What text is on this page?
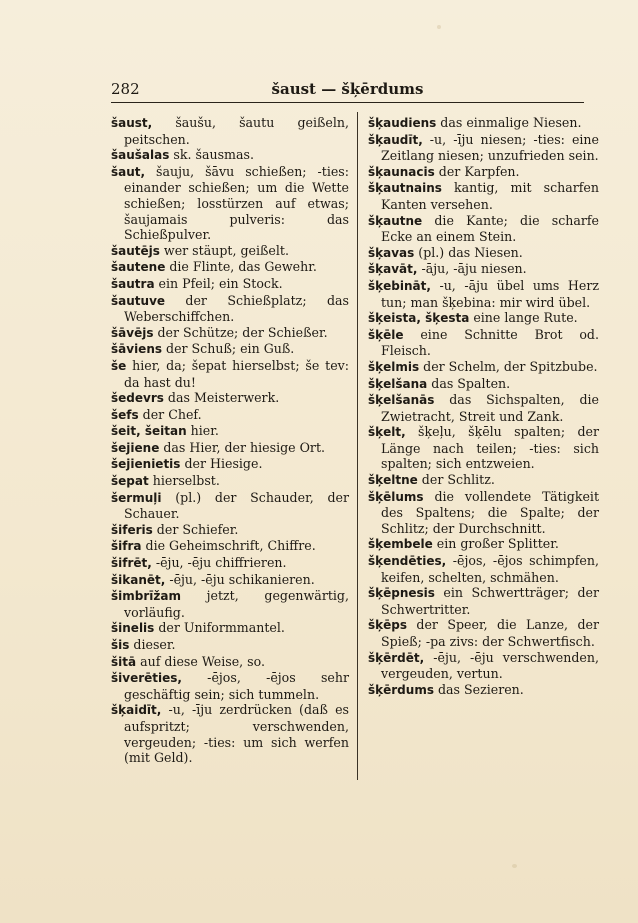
282	šaust — šķērdums

šaust, šaušu, šautu geißeln, peitschen.

šaušalas sk. šausmas.

šaut, šauju, šāvu schießen; -ties: einander schießen; um die Wette schießen; losstürzen auf etwas; šaujamais pulveris: das Schießpulver.

šautējs wer stäupt, geißelt.

šautene die Flinte, das Gewehr.

šautra ein Pfeil; ein Stock.

šautuve der Schießplatz; das Weberschiffchen.

šāvējs der Schütze; der Schießer.

šāviens der Schuß; ein Guß.

še hier, da; šepat hierselbst; še tev: da hast du!

šedevrs das Meisterwerk.

šefs der Chef.

šeit, šeitan hier.

šejiene das Hier, der hiesige Ort.

šejienietis der Hiesige.

šepat hierselbst.

šermuļi (pl.) der Schauder, der Schauer.

šiferis der Schiefer.

šifra die Geheimschrift, Chiffre.

šifrēt, -ēju, -ēju chiffrieren.

šikanēt, -ēju, -ēju schikanieren.

šimbrīžam jetzt, gegenwärtig, vorläufig.

šinelis der Uniformmantel.

šis dieser.

šitā auf diese Weise, so.

šiverēties, -ējos, -ējos sehr geschäftig sein; sich tummeln.

šķaidīt, -u, -īju zerdrücken (daß es aufspritzt; verschwenden, vergeuden; -ties: um sich werfen (mit Geld).

šķaudiens das einmalige Niesen.

šķaudīt, -u, -īju niesen; -ties: eine Zeitlang niesen; unzufrieden sein.

šķaunacis der Karpfen.

šķautnains kantig, mit scharfen Kanten versehen.

šķautne die Kante; die scharfe Ecke an einem Stein.

šķavas (pl.) das Niesen.

šķavāt, -āju, -āju niesen.

šķebināt, -u, -āju übel ums Herz tun; man šķebina: mir wird übel.

šķeista, šķesta eine lange Rute.

šķēle eine Schnitte Brot od. Fleisch.

šķelmis der Schelm, der Spitzbube.

šķelšana das Spalten.

šķelšanās das Sichspalten, die Zwietracht, Streit und Zank.

šķelt, šķeļu, šķēlu spalten; der Länge nach teilen; -ties: sich spalten; sich entzweien.

šķeltne der Schlitz.

šķēlums die vollendete Tätigkeit des Spaltens; die Spalte; der Schlitz; der Durchschnitt.

šķembele ein großer Splitter.

šķendēties, -ējos, -ējos schimpfen, keifen, schelten, schmähen.

šķēpnesis ein Schwertträger; der Schwertritter.

šķēps der Speer, die Lanze, der Spieß; -pa zivs: der Schwertfisch.

šķērdēt, -ēju, -ēju verschwenden, vergeuden, vertun.

šķērdums das Sezieren.
